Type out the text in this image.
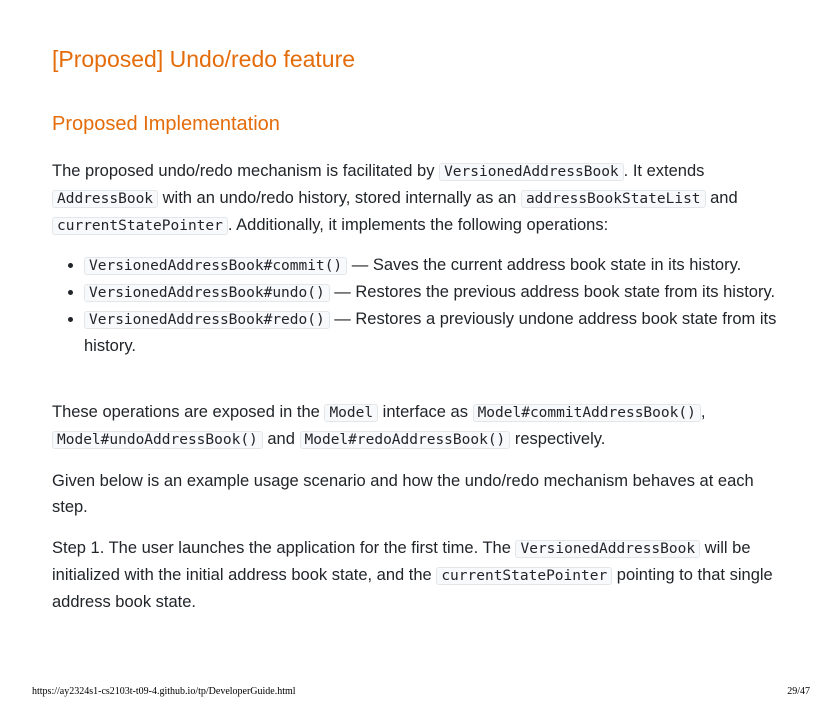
[Proposed] Undo/redo feature
Proposed Implementation

The proposed undo/redo mechanism is facilitated by VersionedAddressBook . It extends AddressBook with an undo/redo history, stored internally as an addressBookStateList and currentStatePointer . Additionally, it implements the following operations:

• VersionedAddressBook#commit() — Saves the current address book state in its history.
• VersionedAddressBook#undo() — Restores the previous address book state from its history.
• VersionedAddressBook#redo() — Restores a previously undone address book state from its history.

These operations are exposed in the Model interface as Model#commitAddressBook() , Model#undoAddressBook() and Model#redoAddressBook() respectively.

Given below is an example usage scenario and how the undo/redo mechanism behaves at each step.

Step 1. The user launches the application for the first time. The VersionedAddressBook will be initialized with the initial address book state, and the currentStatePointer pointing to that single address book state.

https://ay2324s1-cs2103t-t09-4.github.io/tp/DeveloperGuide.html	29/47
